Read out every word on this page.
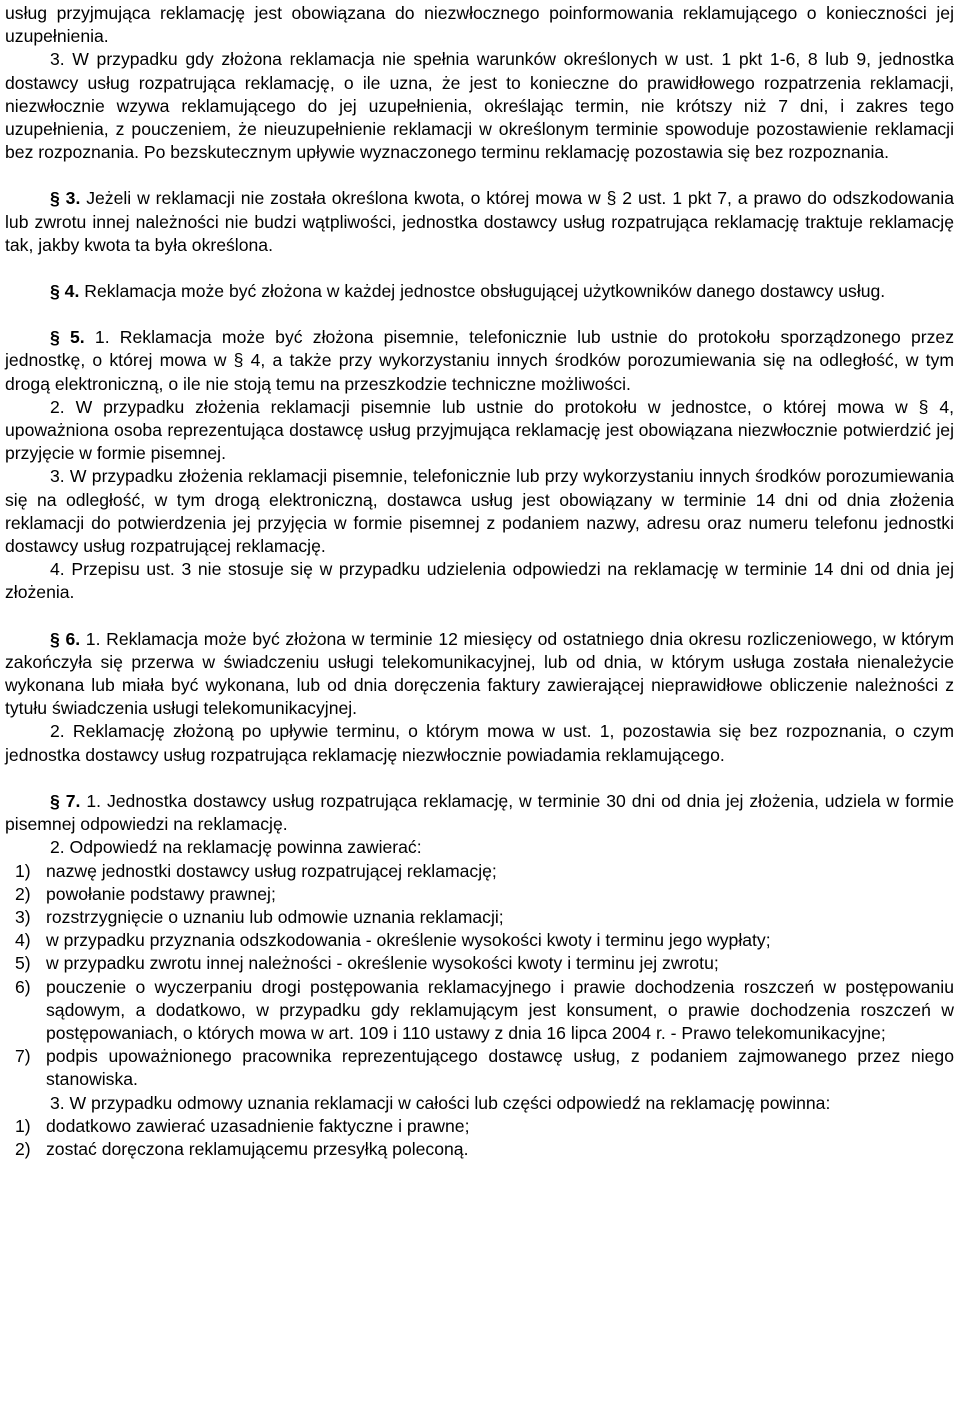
usług przyjmująca reklamację jest obowiązana do niezwłocznego poinformowania reklamującego o konieczności jej uzupełnienia.

3. W przypadku gdy złożona reklamacja nie spełnia warunków określonych w ust. 1 pkt 1-6, 8 lub 9, jednostka dostawcy usług rozpatrująca reklamację, o ile uzna, że jest to konieczne do prawidłowego rozpatrzenia reklamacji, niezwłocznie wzywa reklamującego do jej uzupełnienia, określając termin, nie krótszy niż 7 dni, i zakres tego uzupełnienia, z pouczeniem, że nieuzupełnienie reklamacji w określonym terminie spowoduje pozostawienie reklamacji bez rozpoznania. Po bezskutecznym upływie wyznaczonego terminu reklamację pozostawia się bez rozpoznania.

§ 3. Jeżeli w reklamacji nie została określona kwota, o której mowa w § 2 ust. 1 pkt 7, a prawo do odszkodowania lub zwrotu innej należności nie budzi wątpliwości, jednostka dostawcy usług rozpatrująca reklamację traktuje reklamację tak, jakby kwota ta była określona.

§ 4. Reklamacja może być złożona w każdej jednostce obsługującej użytkowników danego dostawcy usług.

§ 5. 1. Reklamacja może być złożona pisemnie, telefonicznie lub ustnie do protokołu sporządzonego przez jednostkę, o której mowa w § 4, a także przy wykorzystaniu innych środków porozumiewania się na odległość, w tym drogą elektroniczną, o ile nie stoją temu na przeszkodzie techniczne możliwości.

2. W przypadku złożenia reklamacji pisemnie lub ustnie do protokołu w jednostce, o której mowa w § 4, upoważniona osoba reprezentująca dostawcę usług przyjmująca reklamację jest obowiązana niezwłocznie potwierdzić jej przyjęcie w formie pisemnej.

3. W przypadku złożenia reklamacji pisemnie, telefonicznie lub przy wykorzystaniu innych środków porozumiewania się na odległość, w tym drogą elektroniczną, dostawca usług jest obowiązany w terminie 14 dni od dnia złożenia reklamacji do potwierdzenia jej przyjęcia w formie pisemnej z podaniem nazwy, adresu oraz numeru telefonu jednostki dostawcy usług rozpatrującej reklamację.

4. Przepisu ust. 3 nie stosuje się w przypadku udzielenia odpowiedzi na reklamację w terminie 14 dni od dnia jej złożenia.

§ 6. 1. Reklamacja może być złożona w terminie 12 miesięcy od ostatniego dnia okresu rozliczeniowego, w którym zakończyła się przerwa w świadczeniu usługi telekomunikacyjnej, lub od dnia, w którym usługa została nienależycie wykonana lub miała być wykonana, lub od dnia doręczenia faktury zawierającej nieprawidłowe obliczenie należności z tytułu świadczenia usługi telekomunikacyjnej.

2. Reklamację złożoną po upływie terminu, o którym mowa w ust. 1, pozostawia się bez rozpoznania, o czym jednostka dostawcy usług rozpatrująca reklamację niezwłocznie powiadamia reklamującego.

§ 7. 1. Jednostka dostawcy usług rozpatrująca reklamację, w terminie 30 dni od dnia jej złożenia, udziela w formie pisemnej odpowiedzi na reklamację.

2. Odpowiedź na reklamację powinna zawierać:

1) nazwę jednostki dostawcy usług rozpatrującej reklamację;
2) powołanie podstawy prawnej;
3) rozstrzygnięcie o uznaniu lub odmowie uznania reklamacji;
4) w przypadku przyznania odszkodowania - określenie wysokości kwoty i terminu jego wypłaty;
5) w przypadku zwrotu innej należności - określenie wysokości kwoty i terminu jej zwrotu;
6) pouczenie o wyczerpaniu drogi postępowania reklamacyjnego i prawie dochodzenia roszczeń w postępowaniu sądowym, a dodatkowo, w przypadku gdy reklamującym jest konsument, o prawie dochodzenia roszczeń w postępowaniach, o których mowa w art. 109 i 110 ustawy z dnia 16 lipca 2004 r. - Prawo telekomunikacyjne;
7) podpis upoważnionego pracownika reprezentującego dostawcę usług, z podaniem zajmowanego przez niego stanowiska.

3. W przypadku odmowy uznania reklamacji w całości lub części odpowiedź na reklamację powinna:

1) dodatkowo zawierać uzasadnienie faktyczne i prawne;
2) zostać doręczona reklamującemu przesyłką poleconą.
